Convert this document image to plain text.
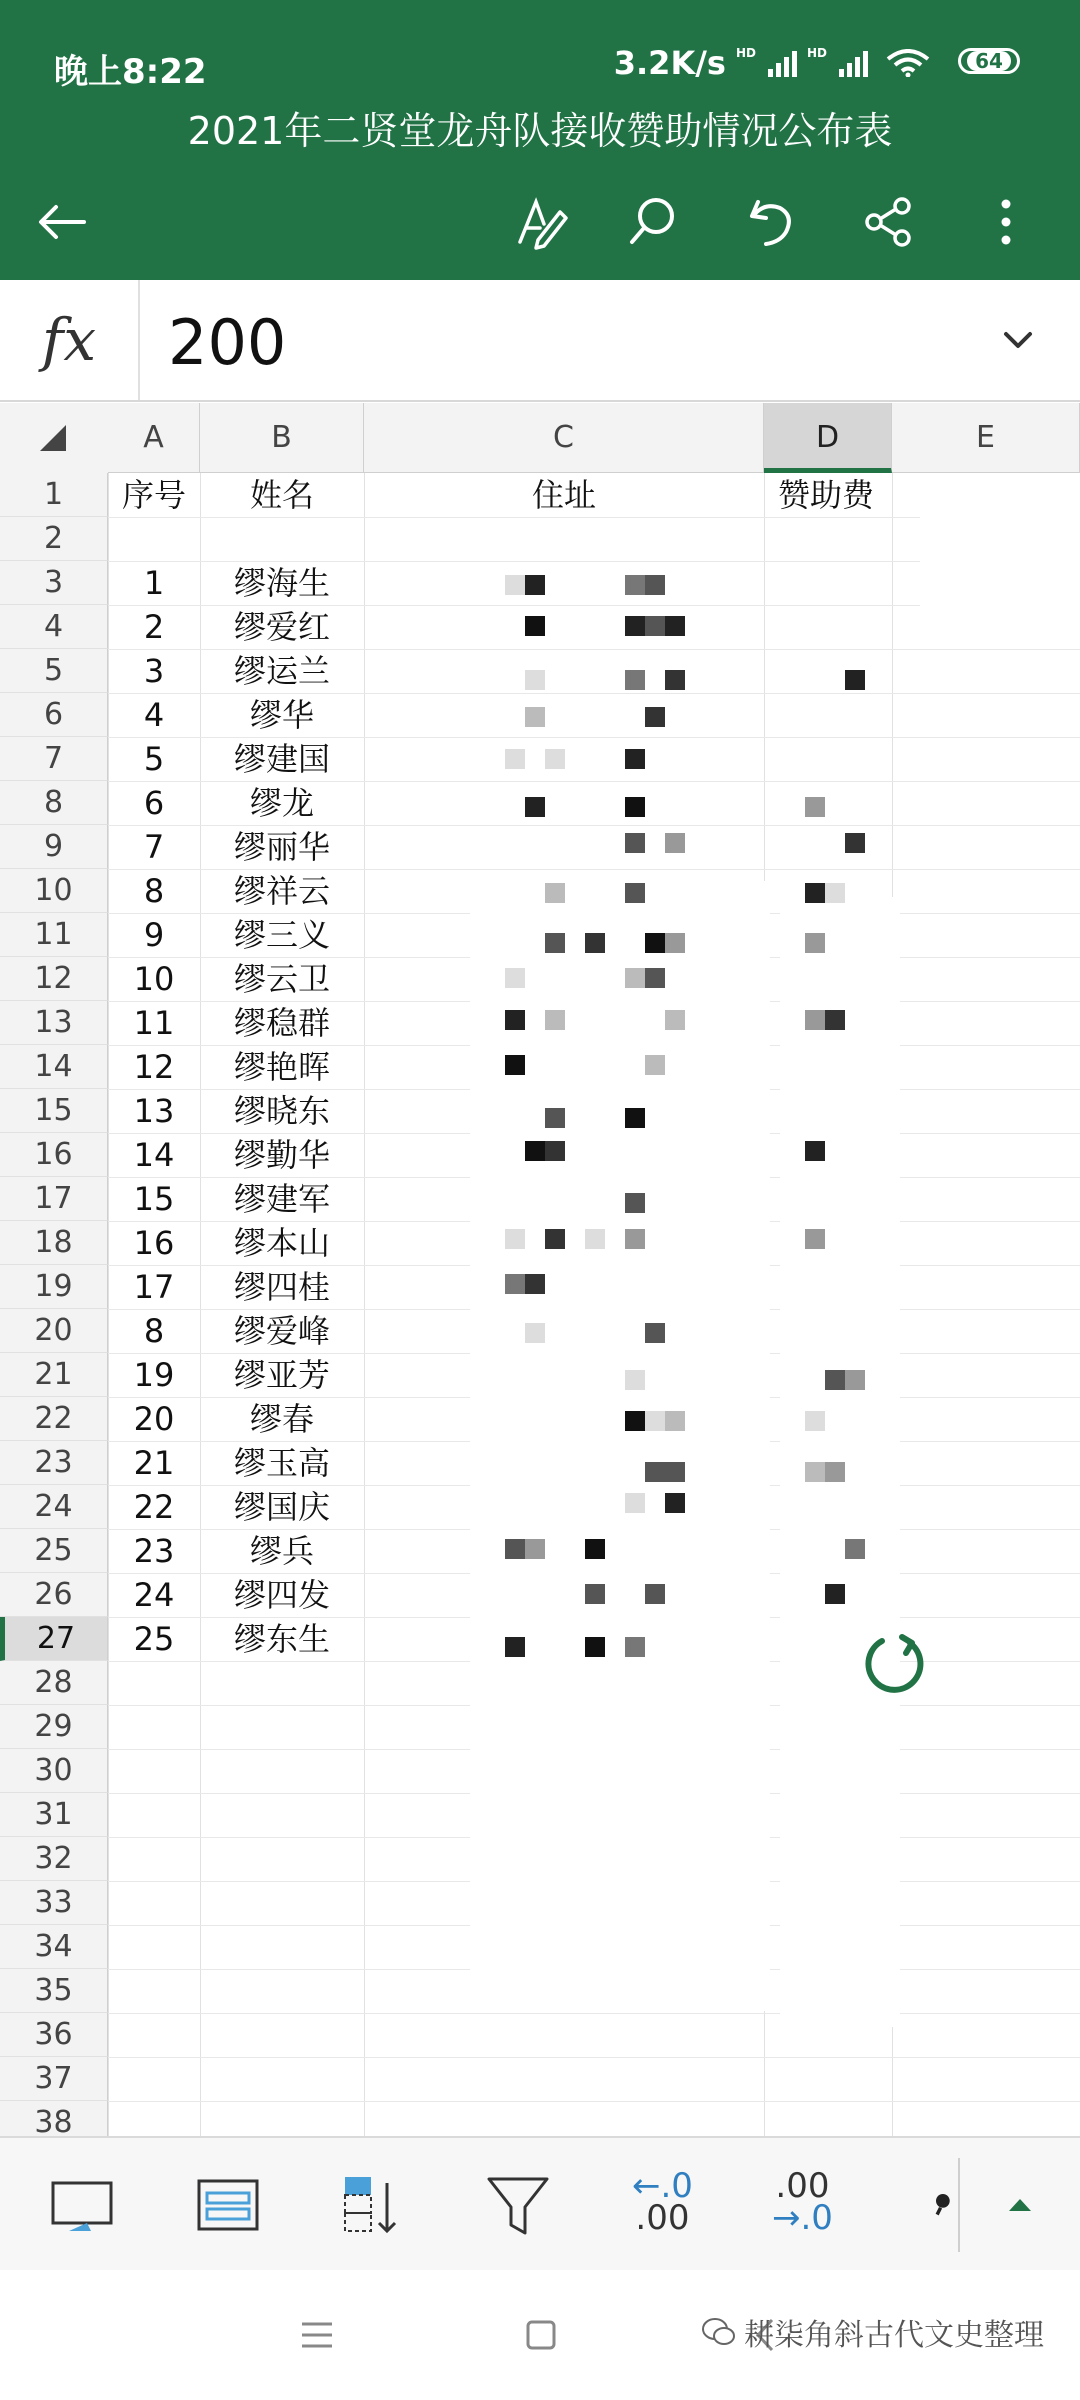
晚上8:22	3.2K/s HD	HD	64
2021年二贤堂龙舟队接收赞助情况公布表
fx	200
A	B	C	D	E
1
2
3
4
5
6
7
8
9
10
11
12
13
14
15
16
17
18
19
20
21
22
23
24
25
26
27
28
29
30
31
32
33
34
35
36
37
38
序号	姓名	住址	赞助费
1	缪海生
2	缪爱红
3	缪运兰
4	缪华
5	缪建国
6	缪龙
7	缪丽华
8	缪祥云
9	缪三义
10	缪云卫
11	缪稳群
12	缪艳晖
13	缪晓东
14	缪勤华
15	缪建军
16	缪本山
17	缪四桂
8	缪爱峰
19	缪亚芳
20	缪春
21	缪玉高
22	缪国庆
23	缪兵
24	缪四发
25	缪东生
←.0
.00
.00
→.0
耕柒角斜古代文史整理
